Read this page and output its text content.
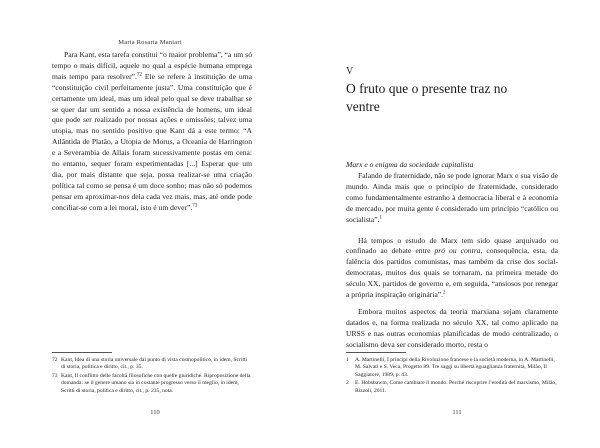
Maria Rosaria Maniari

Para Kant, esta tarefa constitui “o maior problema”, “a um só tempo o mais difícil, aquele no qual a espécie humana emprega mais tempo para resolver”.$^{72}$ Ele se refere à instituição de uma “constituição civil perfeitamente justa”. Uma constituição que é certamente um ideal, mas um ideal pelo qual se deve trabalhar se se quer dar um sentido a nossa existência de homens, um ideal que pode ser realizado por nossas ações e omissões; talvez uma utopia, mas no sentido positivo que Kant dá a este termo: “A Atlântida de Platão, a Utopia de Morus, a Oceania de Harrington e a Severambia de Allais foram sucessivamente postas em cena: no entanto, sequer foram experimentadas [...] Esperar que um dia, por mais distante que seja, possa realizar-se uma criação política tal como se pensa é um doce sonho; mas não só podemos pensar em aproximar-nos dela cada vez mais, mas, até onde pode conciliar-se com a lei moral, isto é um dever”.$^{73}$

72 Kant, Idea di una storia universale dal punto di vista cosmopolitico, in idem, Scritti di storia, politica e diritto, cit., p. 35.
73 Kant, Il conflitto delle facoltà filosofiche con quelle giuridiche. Riproposizione della domanda: se il genere umano sia in costante progresso verso il meglio, in idem, Scritti di storia, politica e diritto, cit., p. 235, nota.
110
V
O fruto que o presente traz no ventre
Marx e o enigma da sociedade capitalista

Falando de fraternidade, não se pode ignorar Marx e sua visão de mundo. Ainda mais que o princípio de fraternidade, considerado como fundamentalmente estranho à democracia liberal e à economia de mercado, por muita gente é considerado um princípio “católico ou socialista”.$^1$

Há tempos o estudo de Marx tem sido quase arquivado ou confinado ao debate entre pró ou contra, consequência, esta, da falência dos partidos comunistas, mas também da crise dos social-democratas, muitos dos quais se tornaram, na primeira metade do século XX, partidos de governo e, em seguida, “ansiosos por renegar a própria inspiração originária”.$^2$

Embora muitos aspectos da teoria marxiana sejam claramente datados e, na forma realizada no século XX, tal como aplicado na URSS e nas outras economias planificadas de modo centralizado, o socialismo deva ser considerado morto, resta o

1	A. Martinelli, I principi della Rivoluzione francese e la società moderna, in A. Martinelli, M. Salvati e S. Veca, Progetto 89. Tre saggi su libertà eguaglianza fraternità, Milão, Il Saggiatore, 1989, p. 43.
2	E. Hobsbawm, Come cambiare il mondo. Perché riscoprire l’eredità del marxismo, Milão, Rizzoli, 2011.
111
